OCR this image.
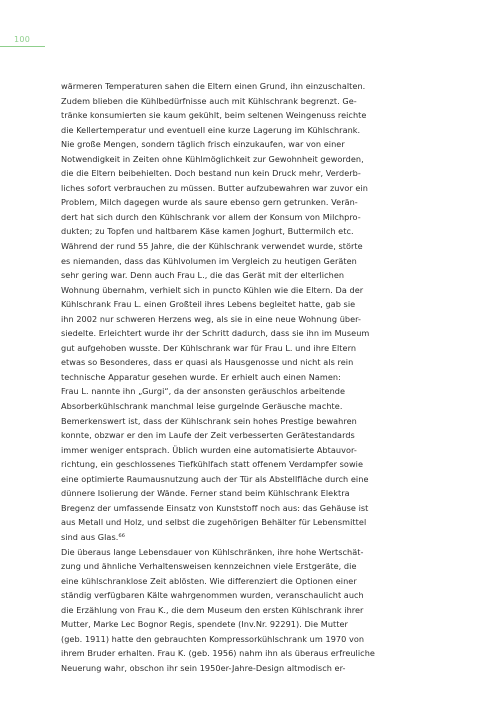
100
wärmeren Temperaturen sahen die Eltern einen Grund, ihn einzuschalten.
Zudem blieben die Kühlbedürfnisse auch mit Kühlschrank begrenzt. Ge-
tränke konsumierten sie kaum gekühlt, beim seltenen Weingenuss reichte
die Kellertemperatur und eventuell eine kurze Lagerung im Kühlschrank.
Nie große Mengen, sondern täglich frisch einzukaufen, war von einer
Notwendigkeit in Zeiten ohne Kühlmöglichkeit zur Gewohnheit geworden,
die die Eltern beibehielten. Doch bestand nun kein Druck mehr, Verderb-
liches sofort verbrauchen zu müssen. Butter aufzubewahren war zuvor ein
Problem, Milch dagegen wurde als saure ebenso gern getrunken. Verän-
dert hat sich durch den Kühlschrank vor allem der Konsum von Milchpro-
dukten; zu Topfen und haltbarem Käse kamen Joghurt, Buttermilch etc.
Während der rund 55 Jahre, die der Kühlschrank verwendet wurde, störte
es niemanden, dass das Kühlvolumen im Vergleich zu heutigen Geräten
sehr gering war. Denn auch Frau L., die das Gerät mit der elterlichen
Wohnung übernahm, verhielt sich in puncto Kühlen wie die Eltern. Da der
Kühlschrank Frau L. einen Großteil ihres Lebens begleitet hatte, gab sie
ihn 2002 nur schweren Herzens weg, als sie in eine neue Wohnung über-
siedelte. Erleichtert wurde ihr der Schritt dadurch, dass sie ihn im Museum
gut aufgehoben wusste. Der Kühlschrank war für Frau L. und ihre Eltern
etwas so Besonderes, dass er quasi als Hausgenosse und nicht als rein
technische Apparatur gesehen wurde. Er erhielt auch einen Namen:
Frau L. nannte ihn „Gurgi“, da der ansonsten geräuschlos arbeitende
Absorberkühlschrank manchmal leise gurgelnde Geräusche machte.
Bemerkenswert ist, dass der Kühlschrank sein hohes Prestige bewahren
konnte, obzwar er den im Laufe der Zeit verbesserten Gerätestandards
immer weniger entsprach. Üblich wurden eine automatisierte Abtauvor-
richtung, ein geschlossenes Tiefkühlfach statt offenem Verdampfer sowie
eine optimierte Raumausnutzung auch der Tür als Abstellfläche durch eine
dünnere Isolierung der Wände. Ferner stand beim Kühlschrank Elektra
Bregenz der umfassende Einsatz von Kunststoff noch aus: das Gehäuse ist
aus Metall und Holz, und selbst die zugehörigen Behälter für Lebensmittel
sind aus Glas.⁶⁶
Die überaus lange Lebensdauer von Kühlschränken, ihre hohe Wertschät-
zung und ähnliche Verhaltensweisen kennzeichnen viele Erstgeräte, die
eine kühlschranklose Zeit ablösten. Wie differenziert die Optionen einer
ständig verfügbaren Kälte wahrgenommen wurden, veranschaulicht auch
die Erzählung von Frau K., die dem Museum den ersten Kühlschrank ihrer
Mutter, Marke Lec Bognor Regis, spendete (Inv.Nr. 92291). Die Mutter
(geb. 1911) hatte den gebrauchten Kompressorkühlschrank um 1970 von
ihrem Bruder erhalten. Frau K. (geb. 1956) nahm ihn als überaus erfreuliche
Neuerung wahr, obschon ihr sein 1950er-Jahre-Design altmodisch er-
